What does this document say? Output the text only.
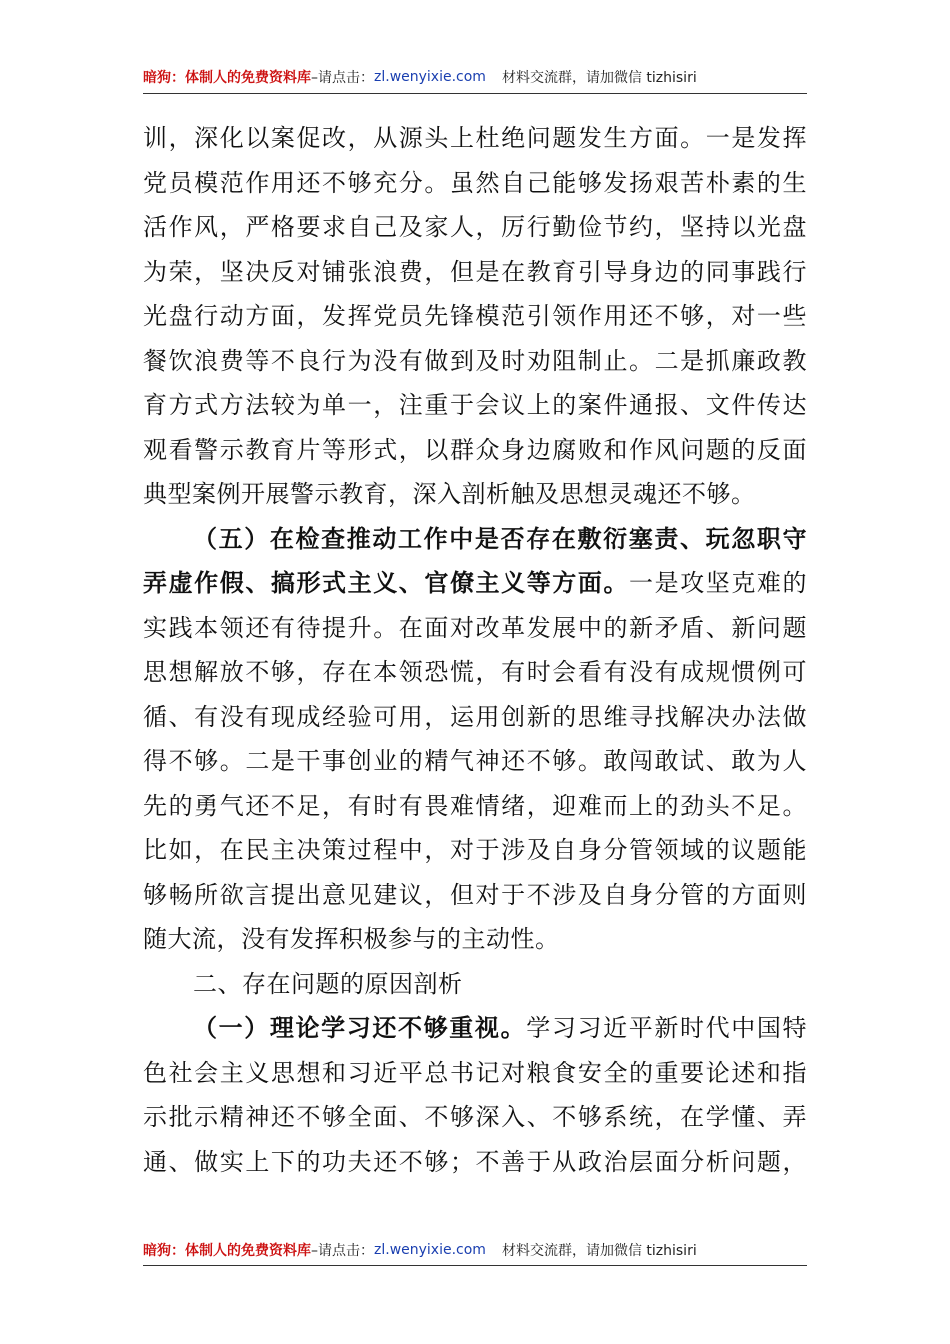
暗狗：体制人的免费资料库 –请点击： zl.wenyixie.com 材料交流群，请加微信 tizhisiri
训，深化以案促改，从源头上杜绝问题发生方面。一是发挥
党员模范作用还不够充分。虽然自己能够发扬艰苦朴素的生
活作风，严格要求自己及家人，厉行勤俭节约，坚持以光盘
为荣，坚决反对铺张浪费，但是在教育引导身边的同事践行
光盘行动方面，发挥党员先锋模范引领作用还不够，对一些
餐饮浪费等不良行为没有做到及时劝阻制止。二是抓廉政教
育方式方法较为单一，注重于会议上的案件通报、文件传达
观看警示教育片等形式，以群众身边腐败和作风问题的反面
典型案例开展警示教育，深入剖析触及思想灵魂还不够。
（五）在检查推动工作中是否存在敷衍塞责、玩忽职守
弄虚作假、搞形式主义、官僚主义等方面。一是攻坚克难的
实践本领还有待提升。在面对改革发展中的新矛盾、新问题
思想解放不够，存在本领恐慌，有时会看有没有成规惯例可
循、有没有现成经验可用，运用创新的思维寻找解决办法做
得不够。二是干事创业的精气神还不够。敢闯敢试、敢为人
先的勇气还不足，有时有畏难情绪，迎难而上的劲头不足。
比如，在民主决策过程中，对于涉及自身分管领域的议题能
够畅所欲言提出意见建议，但对于不涉及自身分管的方面则
随大流，没有发挥积极参与的主动性。
二、存在问题的原因剖析
（一）理论学习还不够重视。学习习近平新时代中国特
色社会主义思想和习近平总书记对粮食安全的重要论述和指
示批示精神还不够全面、不够深入、不够系统，在学懂、弄
通、做实上下的功夫还不够；不善于从政治层面分析问题，
暗狗：体制人的免费资料库 –请点击： zl.wenyixie.com 材料交流群，请加微信 tizhisiri
